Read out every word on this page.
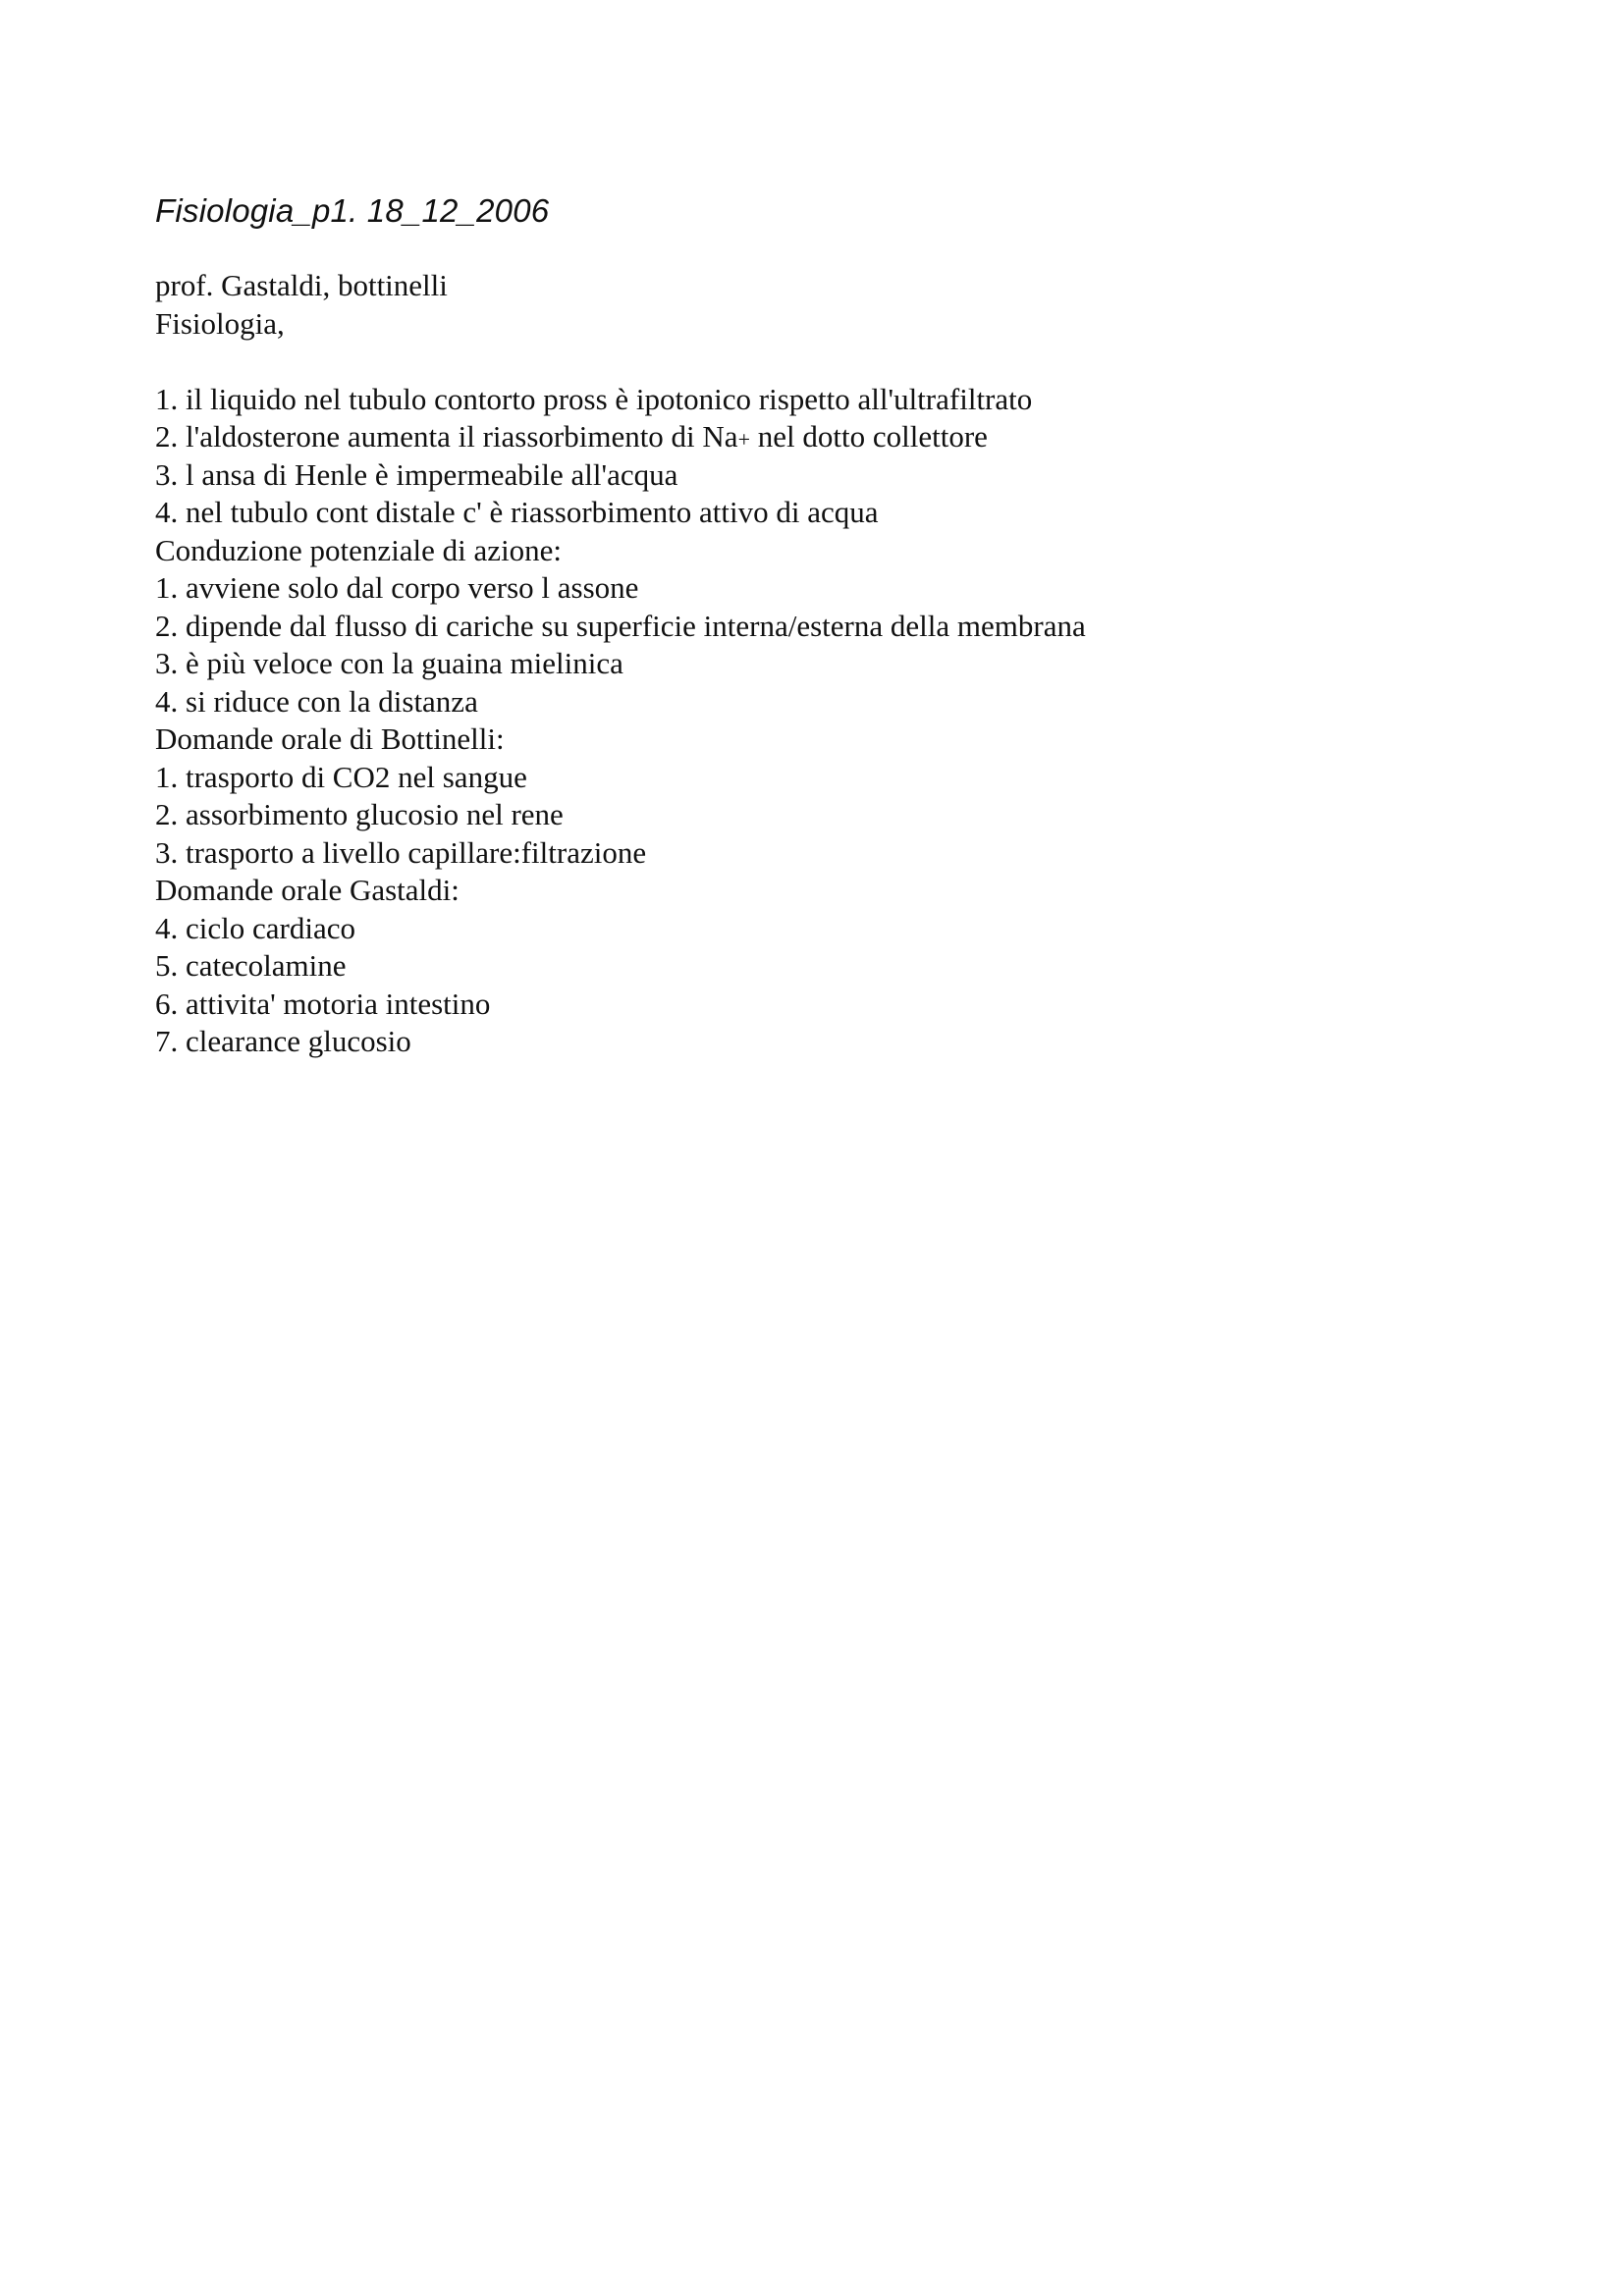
Fisiologia_p1. 18_12_2006
prof. Gastaldi, bottinelli
Fisiologia,
1. il liquido nel tubulo contorto pross è ipotonico rispetto all'ultrafiltrato
2. l'aldosterone aumenta il riassorbimento di Na+ nel dotto collettore
3. l ansa di Henle è impermeabile all'acqua
4. nel tubulo cont distale c' è riassorbimento attivo di acqua
Conduzione potenziale di azione:
1. avviene solo dal corpo verso l assone
2. dipende dal flusso di cariche su superficie interna/esterna della membrana
3. è più veloce con la guaina mielinica
4. si riduce con la distanza
Domande orale di Bottinelli:
1. trasporto di CO2 nel sangue
2. assorbimento glucosio nel rene
3. trasporto a livello capillare:filtrazione
Domande orale Gastaldi:
4. ciclo cardiaco
5. catecolamine
6. attivita' motoria intestino
7. clearance glucosio
